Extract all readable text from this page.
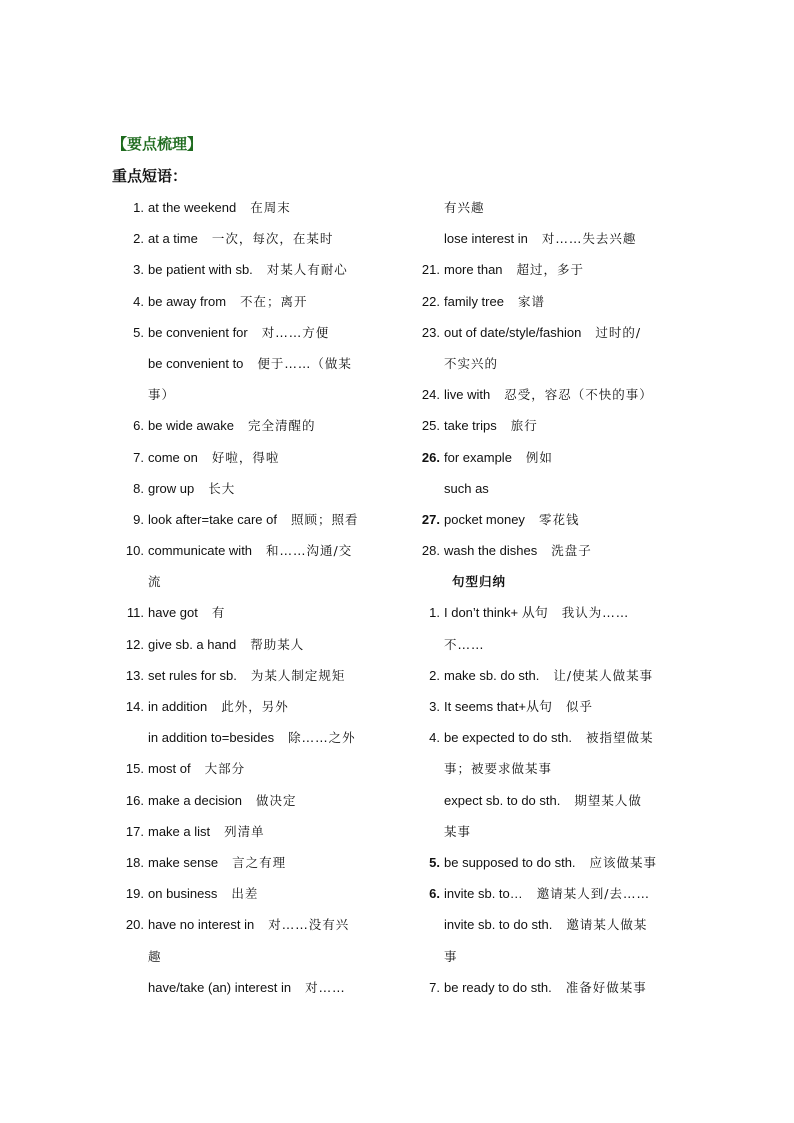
【要点梳理】
重点短语：
1. at the weekend 在周末
2. at a time 一次，每次，在某时
3. be patient with sb. 对某人有耐心
4. be away from 不在；离开
5. be convenient for 对……方便
be convenient to 便于……（做某
事）
6. be wide awake 完全清醒的
7. come on 好啦，得啦
8. grow up 长大
9. look after=take care of 照顾；照看
10. communicate with 和……沟通/交
流
11. have got 有
12. give sb. a hand 帮助某人
13. set rules for sb. 为某人制定规矩
14. in addition 此外，另外
in addition to=besides 除……之外
15. most of 大部分
16. make a decision 做决定
17. make a list 列清单
18. make sense 言之有理
19. on business 出差
20. have no interest in 对……没有兴
趣
have/take (an) interest in 对……
有兴趣
lose interest in 对……失去兴趣
21. more than 超过，多于
22. family tree 家谱
23. out of date/style/fashion 过时的/
不实兴的
24. live with 忍受，容忍（不快的事）
25. take trips 旅行
26. for example 例如
such as
27. pocket money 零花钱
28. wash the dishes 洗盘子
句型归纳
1. I don’t think+ 从句 我认为……
不……
2. make sb. do sth. 让/使某人做某事
3. It seems that+从句 似乎
4. be expected to do sth. 被指望做某
事；被要求做某事
expect sb. to do sth. 期望某人做
某事
5. be supposed to do sth. 应该做某事
6. invite sb. to… 邀请某人到/去……
invite sb. to do sth. 邀请某人做某
事
7. be ready to do sth. 准备好做某事
